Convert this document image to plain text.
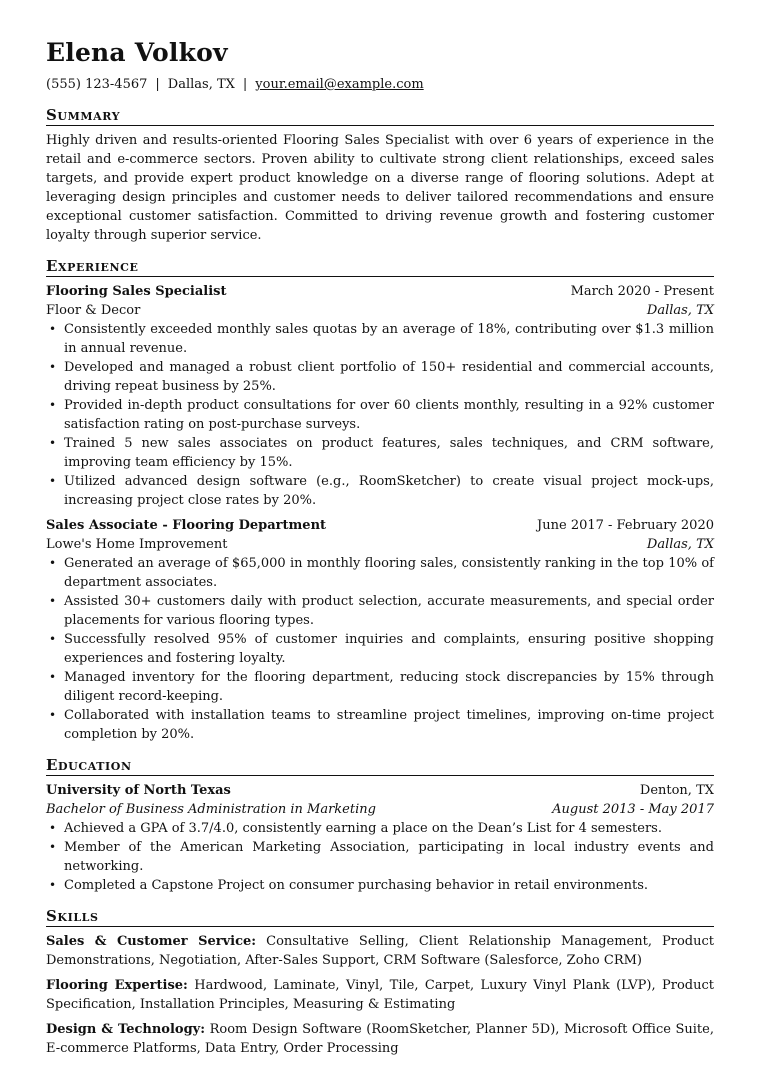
Elena Volkov
(555) 123-4567 | Dallas, TX | your.email@example.com
Summary

Highly driven and results-oriented Flooring Sales Specialist with over 6 years of experience in the retail and e-commerce sectors. Proven ability to cultivate strong client relationships, exceed sales targets, and provide expert product knowledge on a diverse range of flooring solutions. Adept at leveraging design principles and customer needs to deliver tailored recommendations and ensure exceptional customer satisfaction. Committed to driving revenue growth and fostering customer loyalty through superior service.

Experience
Flooring Sales Specialist	March 2020 - Present
Floor & Decor	Dallas, TX
• Consistently exceeded monthly sales quotas by an average of 18%, contributing over $1.3 million in annual revenue.
• Developed and managed a robust client portfolio of 150+ residential and commercial accounts, driving repeat business by 25%.
• Provided in-depth product consultations for over 60 clients monthly, resulting in a 92% customer satisfaction rating on post-purchase surveys.
• Trained 5 new sales associates on product features, sales techniques, and CRM software, improving team efficiency by 15%.
• Utilized advanced design software (e.g., RoomSketcher) to create visual project mock-ups, increasing project close rates by 20%.
Sales Associate - Flooring Department	June 2017 - February 2020
Lowe's Home Improvement	Dallas, TX
• Generated an average of $65,000 in monthly flooring sales, consistently ranking in the top 10% of department associates.
• Assisted 30+ customers daily with product selection, accurate measurements, and special order placements for various flooring types.
• Successfully resolved 95% of customer inquiries and complaints, ensuring positive shopping experiences and fostering loyalty.
• Managed inventory for the flooring department, reducing stock discrepancies by 15% through diligent record-keeping.
• Collaborated with installation teams to streamline project timelines, improving on-time project completion by 20%.
Education
University of North Texas	Denton, TX
Bachelor of Business Administration in Marketing	August 2013 - May 2017
• Achieved a GPA of 3.7/4.0, consistently earning a place on the Dean’s List for 4 semesters.
• Member of the American Marketing Association, participating in local industry events and networking.
• Completed a Capstone Project on consumer purchasing behavior in retail environments.
Skills

Sales & Customer Service: Consultative Selling, Client Relationship Management, Product Demonstrations, Negotiation, After-Sales Support, CRM Software (Salesforce, Zoho CRM)

Flooring Expertise: Hardwood, Laminate, Vinyl, Tile, Carpet, Luxury Vinyl Plank (LVP), Product Specification, Installation Principles, Measuring & Estimating

Design & Technology: Room Design Software (RoomSketcher, Planner 5D), Microsoft Office Suite, E-commerce Platforms, Data Entry, Order Processing
